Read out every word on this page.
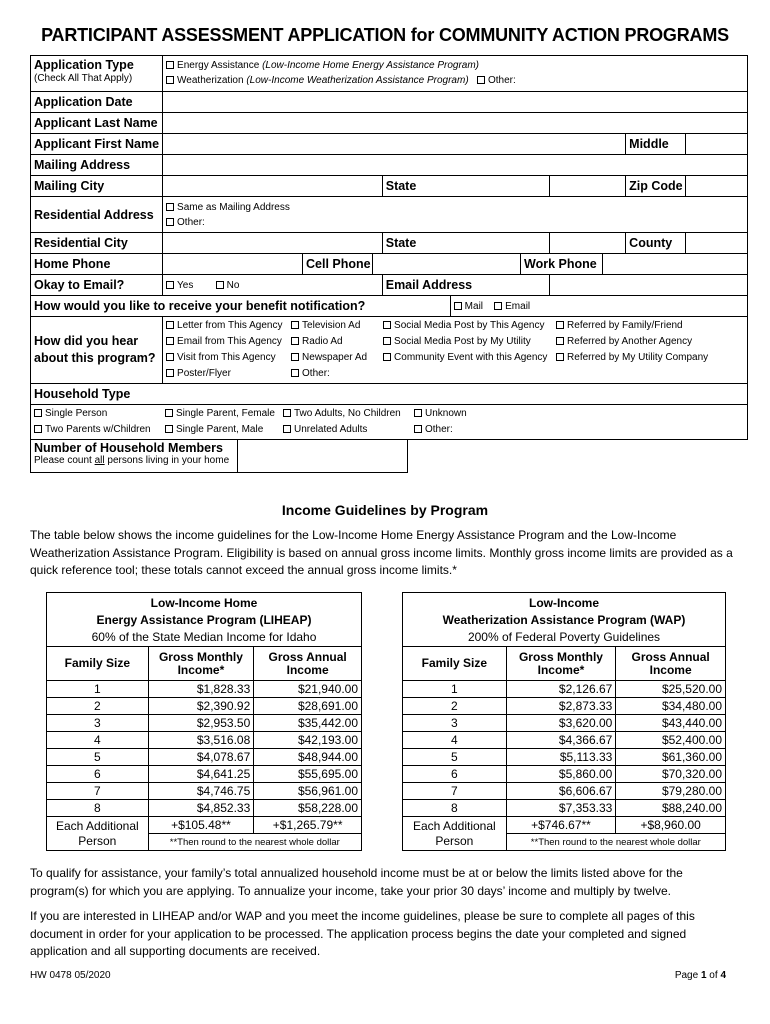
PARTICIPANT ASSESSMENT APPLICATION for COMMUNITY ACTION PROGRAMS
Application Type
(Check All That Apply)

Energy Assistance (Low-Income Home Energy Assistance Program)
Weatherization (Low-Income Weatherization Assistance Program) Other:

Application Date	
Applicant Last Name	
Applicant First Name		Middle

Mailing Address	
Mailing City		State		Zip Code

Residential Address	
Same as Mailing Address
Other:

Residential City		State		County

Home Phone	Cell Phone	Work Phone

Okay to Email?	Yes	No	Email Address	
How would you like to receive your benefit notification?	Mail Email

How did you hear
about this program?

Letter from This Agency	Television Ad	Social Media Post by This Agency	Referred by Family/Friend
Email from This Agency	Radio Ad	Social Media Post by My Utility	Referred by Another Agency
Visit from This Agency	Newspaper Ad	Community Event with this Agency	Referred by My Utility Company
Poster/Flyer	Other:		

Household Type

Single Person	Single Parent, Female	Two Adults, No Children	Unknown
Two Parents w/Children	Single Parent, Male	Unrelated Adults	Other:
Number of Household Members
Please count all persons living in your home
Income Guidelines by Program
The table below shows the income guidelines for the Low-Income Home Energy Assistance Program and the Low-Income Weatherization Assistance Program. Eligibility is based on annual gross income limits. Monthly gross income limits are provided as a quick reference tool; these totals cannot exceed the annual gross income limits.*
Low-Income Home
Energy Assistance Program (LIHEAP)
60% of the State Median Income for Idaho		

Family Size	Gross Monthly Income*	Gross Annual Income
1	$1,828.33	$21,940.00
2	$2,390.92	$28,691.00
3	$2,953.50	$35,442.00
4	$3,516.08	$42,193.00
5	$4,078.67	$48,944.00
6	$4,641.25	$55,695.00
7	$4,746.75	$56,961.00
8	$4,852.33	$58,228.00

Each Additional
Person	+$105.48**	+$1,265.79**
	**Then round to the nearest whole dollar	
Low-Income
Weatherization Assistance Program (WAP)
200% of Federal Poverty Guidelines		

Family Size	Gross Monthly Income*	Gross Annual Income
1	$2,126.67	$25,520.00
2	$2,873.33	$34,480.00
3	$3,620.00	$43,440.00
4	$4,366.67	$52,400.00
5	$5,113.33	$61,360.00
6	$5,860.00	$70,320.00
7	$6,606.67	$79,280.00
8	$7,353.33	$88,240.00

Each Additional
Person	+$746.67**	+$8,960.00
	**Then round to the nearest whole dollar	
To qualify for assistance, your family’s total annualized household income must be at or below the limits listed above for the program(s) for which you are applying. To annualize your income, take your prior 30 days’ income and multiply by twelve.
If you are interested in LIHEAP and/or WAP and you meet the income guidelines, please be sure to complete all pages of this document in order for your application to be processed. The application process begins the date your completed and signed application and all supporting documents are received.
HW 0478 05/2020	Page 1 of 4
